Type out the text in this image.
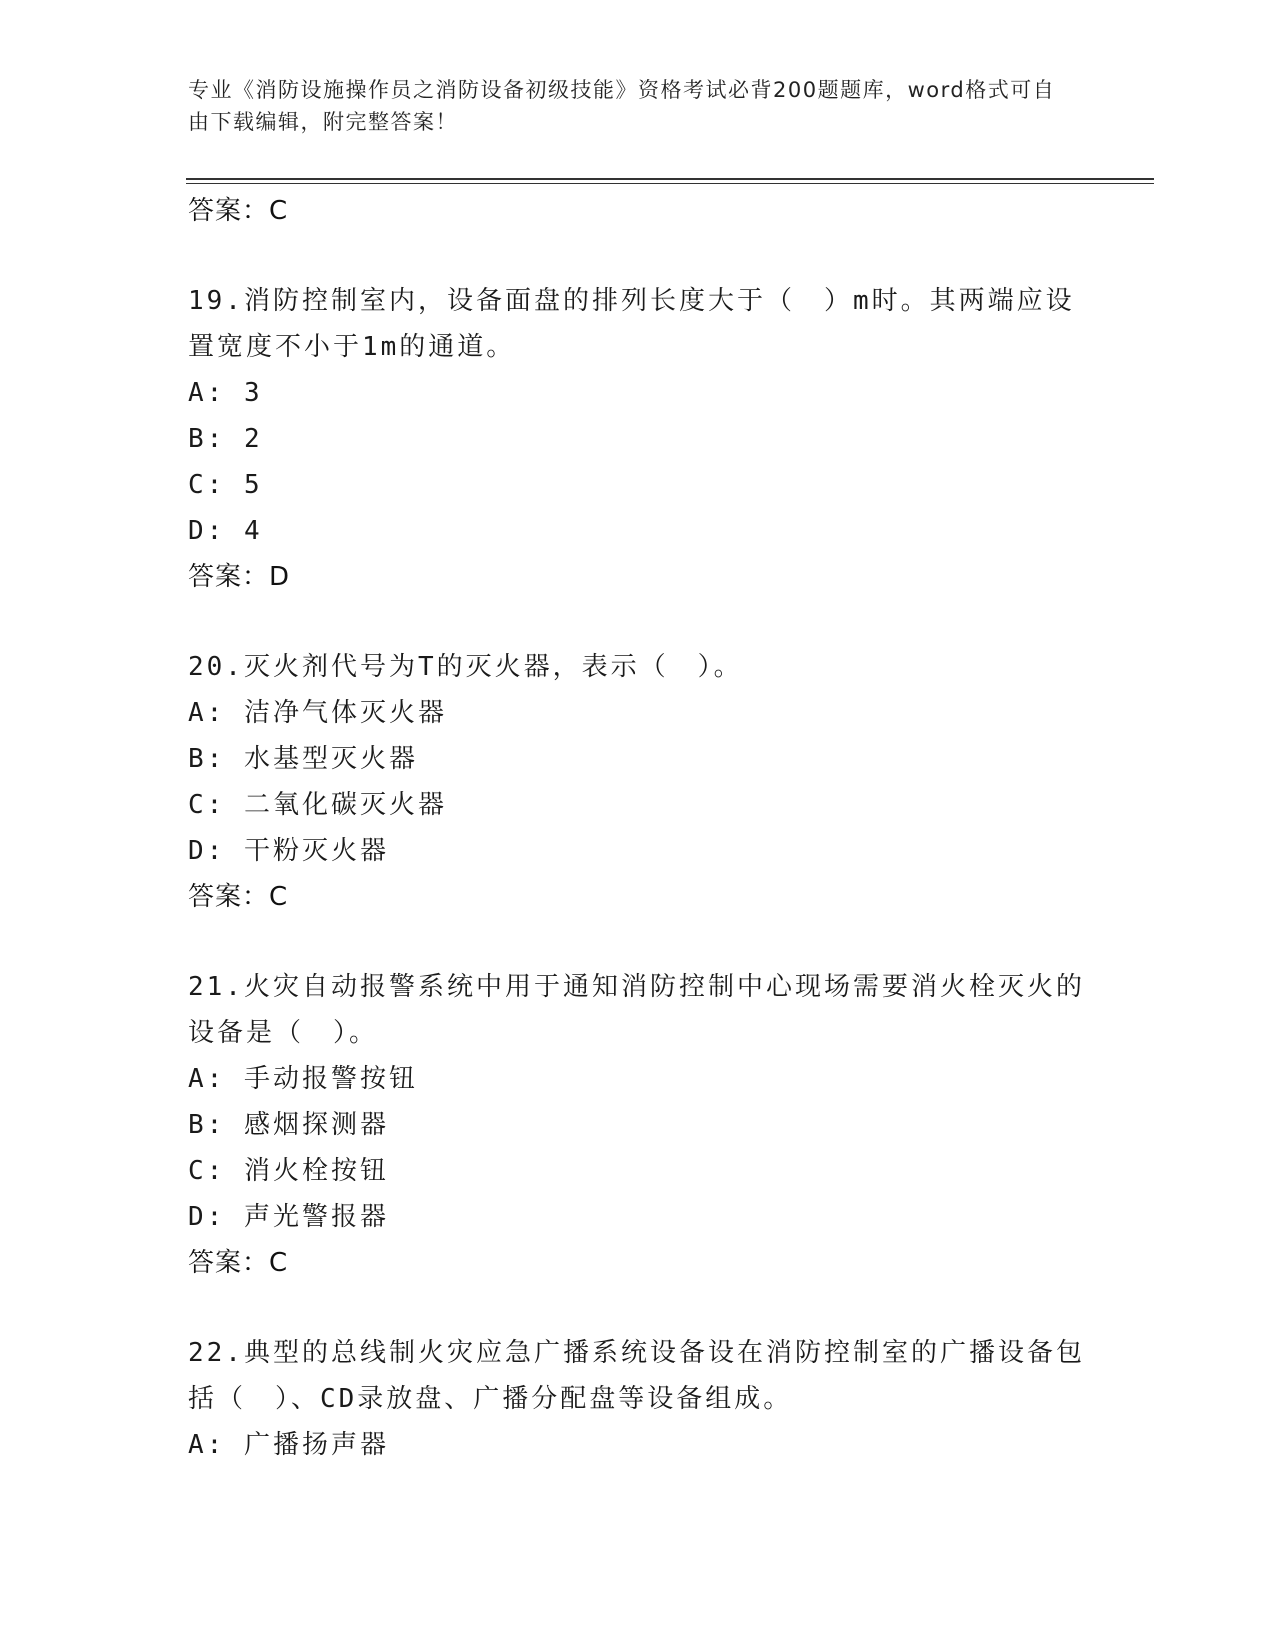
专业《消防设施操作员之消防设备初级技能》资格考试必背200题题库，word格式可自由下载编辑，附完整答案！
答案：C
19.消防控制室内，设备面盘的排列长度大于（　）m时。其两端应设置宽度不小于1m的通道。
A: 3
B: 2
C: 5
D: 4
答案：D
20.灭火剂代号为T的灭火器，表示（　）。
A: 洁净气体灭火器
B: 水基型灭火器
C: 二氧化碳灭火器
D: 干粉灭火器
答案：C
21.火灾自动报警系统中用于通知消防控制中心现场需要消火栓灭火的设备是（　）。
A: 手动报警按钮
B: 感烟探测器
C: 消火栓按钮
D: 声光警报器
答案：C
22.典型的总线制火灾应急广播系统设备设在消防控制室的广播设备包括（　）、CD录放盘、广播分配盘等设备组成。
A: 广播扬声器
